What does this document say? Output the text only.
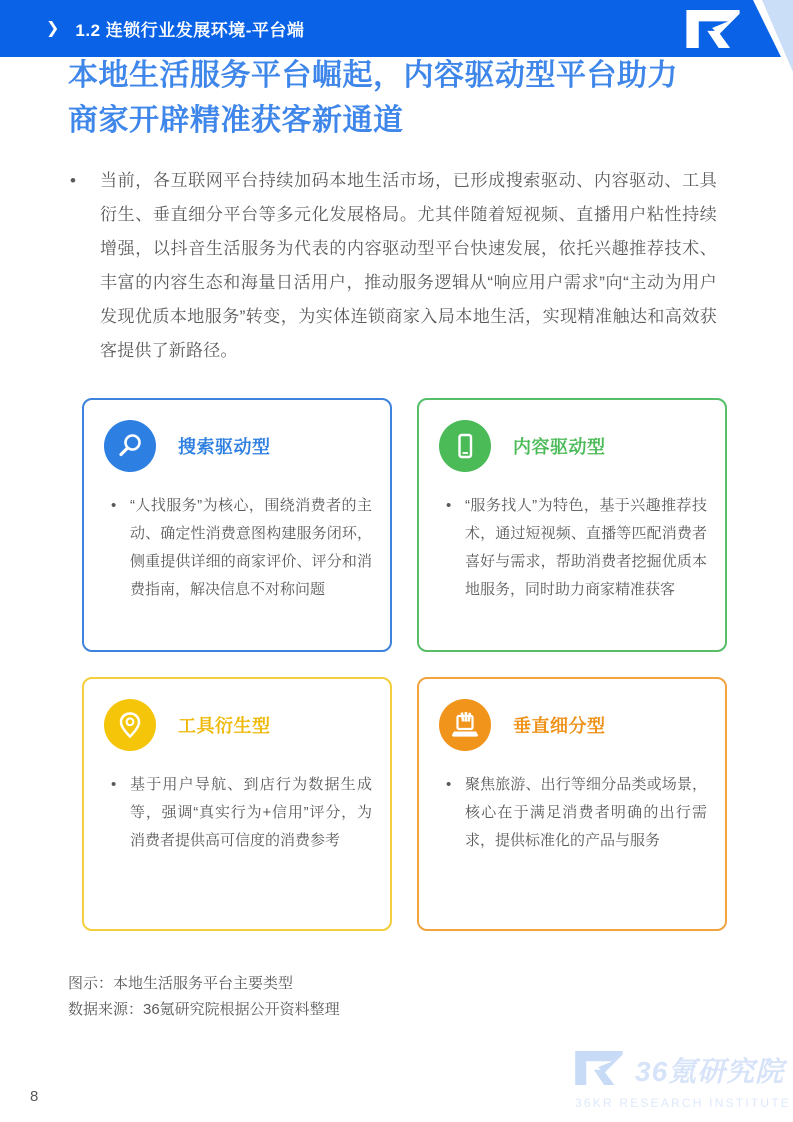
❯ 1.2 连锁行业发展环境-平台端
本地生活服务平台崛起，内容驱动型平台助力
商家开辟精准获客新通道
•	当前，各互联网平台持续加码本地生活市场，已形成搜索驱动、内容驱动、工具衍生、垂直细分平台等多元化发展格局。尤其伴随着短视频、直播用户粘性持续增强，以抖音生活服务为代表的内容驱动型平台快速发展，依托兴趣推荐技术、丰富的内容生态和海量日活用户，推动服务逻辑从“响应用户需求”向“主动为用户发现优质本地服务”转变，为实体连锁商家入局本地生活，实现精准触达和高效获客提供了新路径。
搜索驱动型
• “人找服务”为核心，围绕消费者的主动、确定性消费意图构建服务闭环，侧重提供详细的商家评价、评分和消费指南，解决信息不对称问题
内容驱动型
• “服务找人”为特色，基于兴趣推荐技术，通过短视频、直播等匹配消费者喜好与需求，帮助消费者挖掘优质本地服务，同时助力商家精准获客
工具衍生型
• 基于用户导航、到店行为数据生成等，强调“真实行为+信用”评分，为消费者提供高可信度的消费参考
垂直细分型
• 聚焦旅游、出行等细分品类或场景，核心在于满足消费者明确的出行需求，提供标准化的产品与服务
图示：本地生活服务平台主要类型
数据来源：36氪研究院根据公开资料整理
8
36氪研究院
36KR RESEARCH INSTITUTE
